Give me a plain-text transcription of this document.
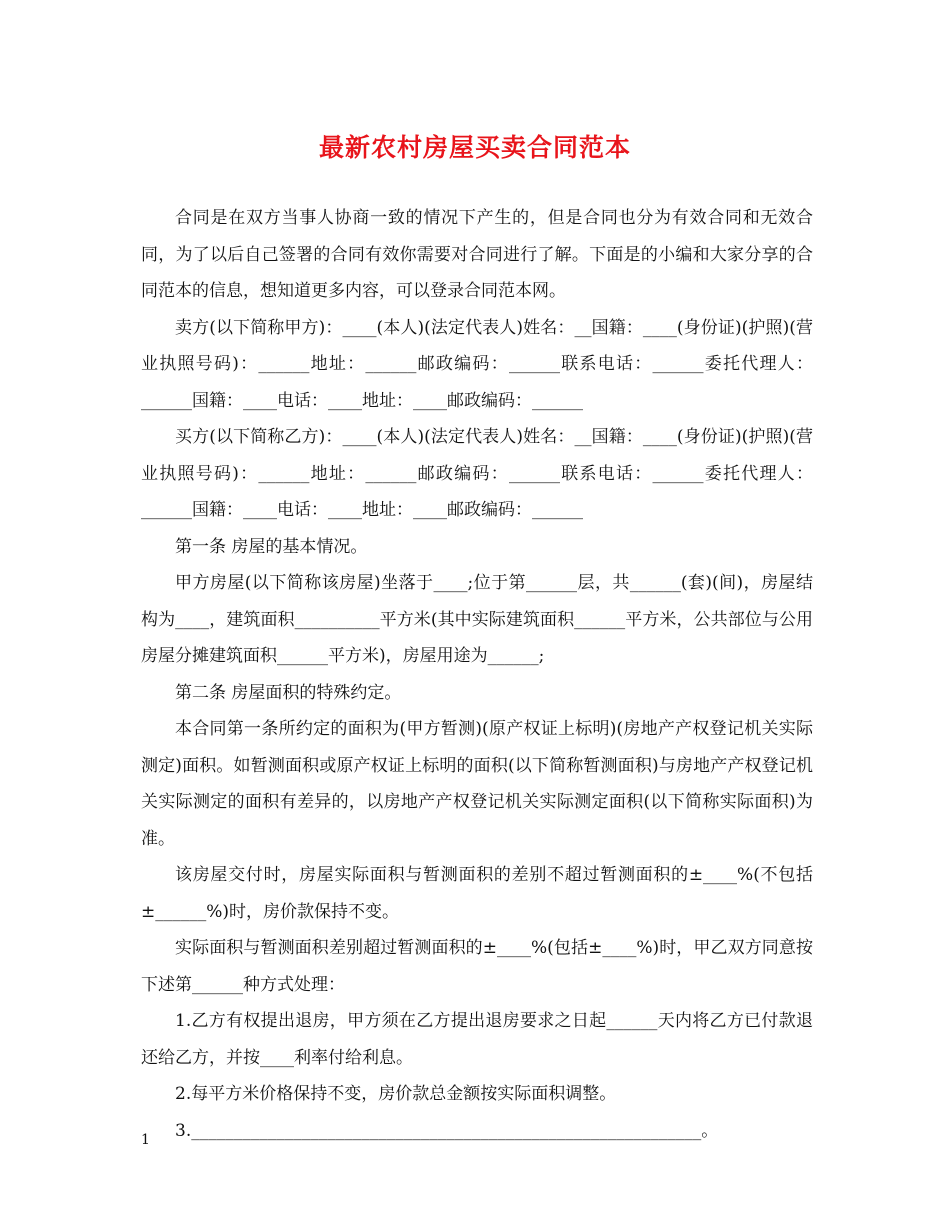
最新农村房屋买卖合同范本

合同是在双方当事人协商一致的情况下产生的，但是合同也分为有效合同和无效合同，为了以后自己签署的合同有效你需要对合同进行了解。下面是的小编和大家分享的合同范本的信息，想知道更多内容，可以登录合同范本网。

卖方(以下简称甲方)：____(本人)(法定代表人)姓名：__国籍：____(身份证)(护照)(营业执照号码)：______地址：______邮政编码：______联系电话：______委托代理人：______国籍：____电话：____地址：____邮政编码：______

买方(以下简称乙方)：____(本人)(法定代表人)姓名：__国籍：____(身份证)(护照)(营业执照号码)：______地址：______邮政编码：______联系电话：______委托代理人：______国籍：____电话：____地址：____邮政编码：______

第一条 房屋的基本情况。

甲方房屋(以下简称该房屋)坐落于____;位于第______层，共______(套)(间)，房屋结构为____，建筑面积__________平方米(其中实际建筑面积______平方米，公共部位与公用房屋分摊建筑面积______平方米)，房屋用途为______;

第二条 房屋面积的特殊约定。

本合同第一条所约定的面积为(甲方暂测)(原产权证上标明)(房地产产权登记机关实际测定)面积。如暂测面积或原产权证上标明的面积(以下简称暂测面积)与房地产产权登记机关实际测定的面积有差异的，以房地产产权登记机关实际测定面积(以下简称实际面积)为准。

该房屋交付时，房屋实际面积与暂测面积的差别不超过暂测面积的±____%(不包括±______%)时，房价款保持不变。

实际面积与暂测面积差别超过暂测面积的±____%(包括±____%)时，甲乙双方同意按下述第______种方式处理：

1.乙方有权提出退房，甲方须在乙方提出退房要求之日起______天内将乙方已付款退还给乙方，并按____利率付给利息。

2.每平方米价格保持不变，房价款总金额按实际面积调整。

3.____________________________________________________________。

1
